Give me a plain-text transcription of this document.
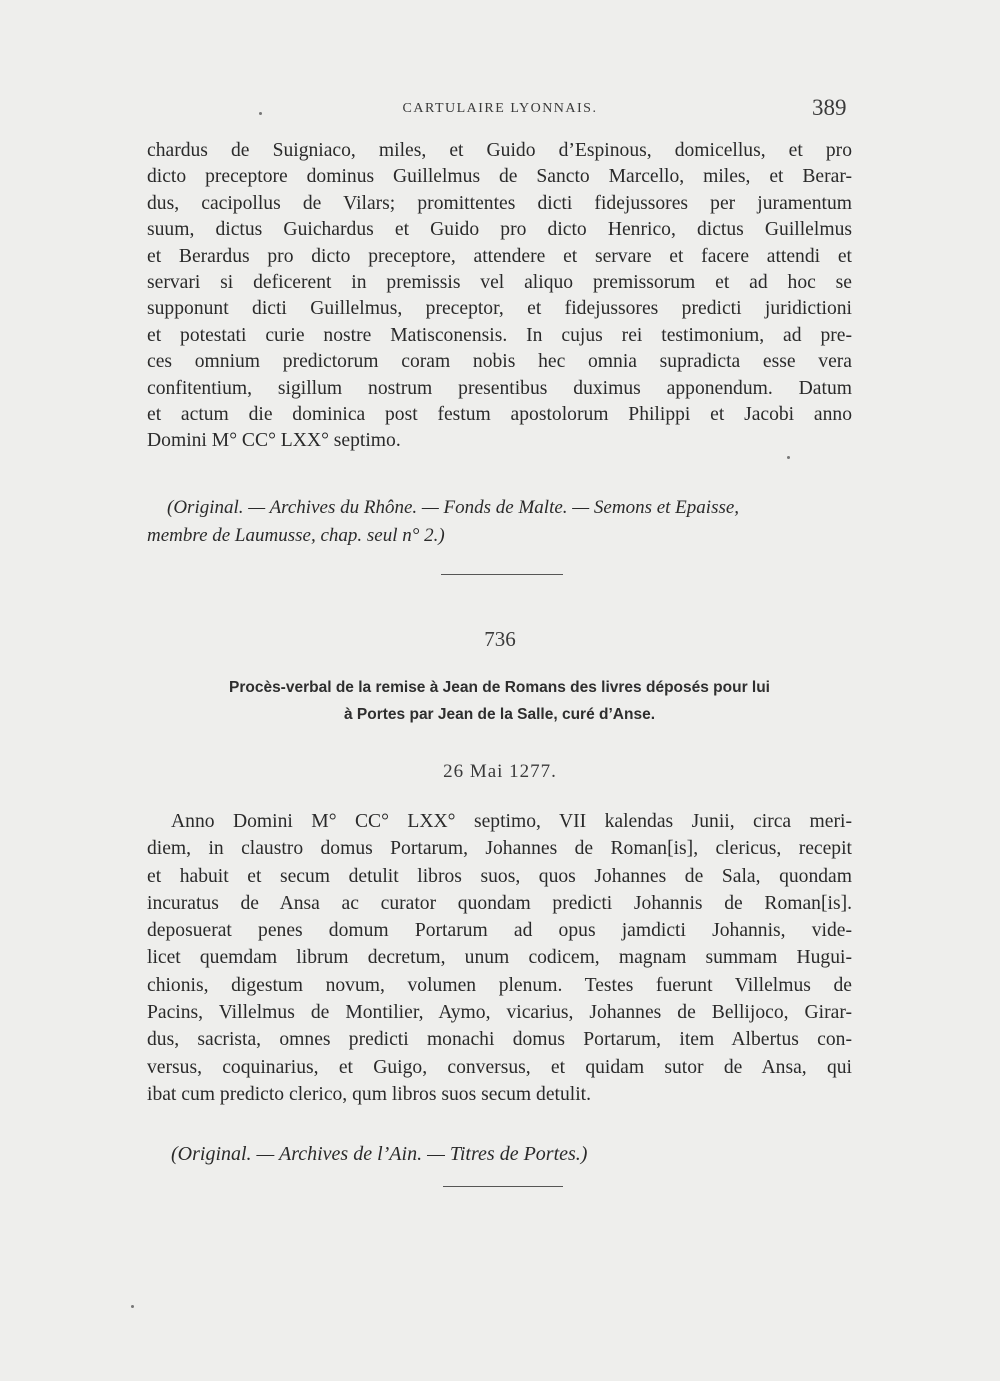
CARTULAIRE LYONNAIS.	389
chardus de Suigniaco, miles, et Guido d’Espinous, domicellus, et pro
dicto preceptore dominus Guillelmus de Sancto Marcello, miles, et Berar-
dus, cacipollus de Vilars; promittentes dicti fidejussores per juramentum
suum, dictus Guichardus et Guido pro dicto Henrico, dictus Guillelmus
et Berardus pro dicto preceptore, attendere et servare et facere attendi et
servari si deficerent in premissis vel aliquo premissorum et ad hoc se
supponunt dicti Guillelmus, preceptor, et fidejussores predicti juridictioni
et potestati curie nostre Matisconensis. In cujus rei testimonium, ad pre-
ces omnium predictorum coram nobis hec omnia supradicta esse vera
confitentium, sigillum nostrum presentibus duximus apponendum. Datum
et actum die dominica post festum apostolorum Philippi et Jacobi anno
Domini M° CC° LXX° septimo.
(Original. — Archives du Rhône. — Fonds de Malte. — Semons et Epaisse,
membre de Laumusse, chap. seul n° 2.)
736
Procès-verbal de la remise à Jean de Romans des livres déposés pour lui
à Portes par Jean de la Salle, curé d’Anse.
26 Mai 1277.
Anno Domini M° CC° LXX° septimo, VII kalendas Junii, circa meri-
diem, in claustro domus Portarum, Johannes de Roman[is], clericus, recepit
et habuit et secum detulit libros suos, quos Johannes de Sala, quondam
incuratus de Ansa ac curator quondam predicti Johannis de Roman[is].
deposuerat penes domum Portarum ad opus jamdicti Johannis, vide-
licet quemdam librum decretum, unum codicem, magnam summam Hugui-
chionis, digestum novum, volumen plenum. Testes fuerunt Villelmus de
Pacins, Villelmus de Montilier, Aymo, vicarius, Johannes de Bellijoco, Girar-
dus, sacrista, omnes predicti monachi domus Portarum, item Albertus con-
versus, coquinarius, et Guigo, conversus, et quidam sutor de Ansa, qui
ibat cum predicto clerico, qum libros suos secum detulit.
(Original. — Archives de l’Ain. — Titres de Portes.)
